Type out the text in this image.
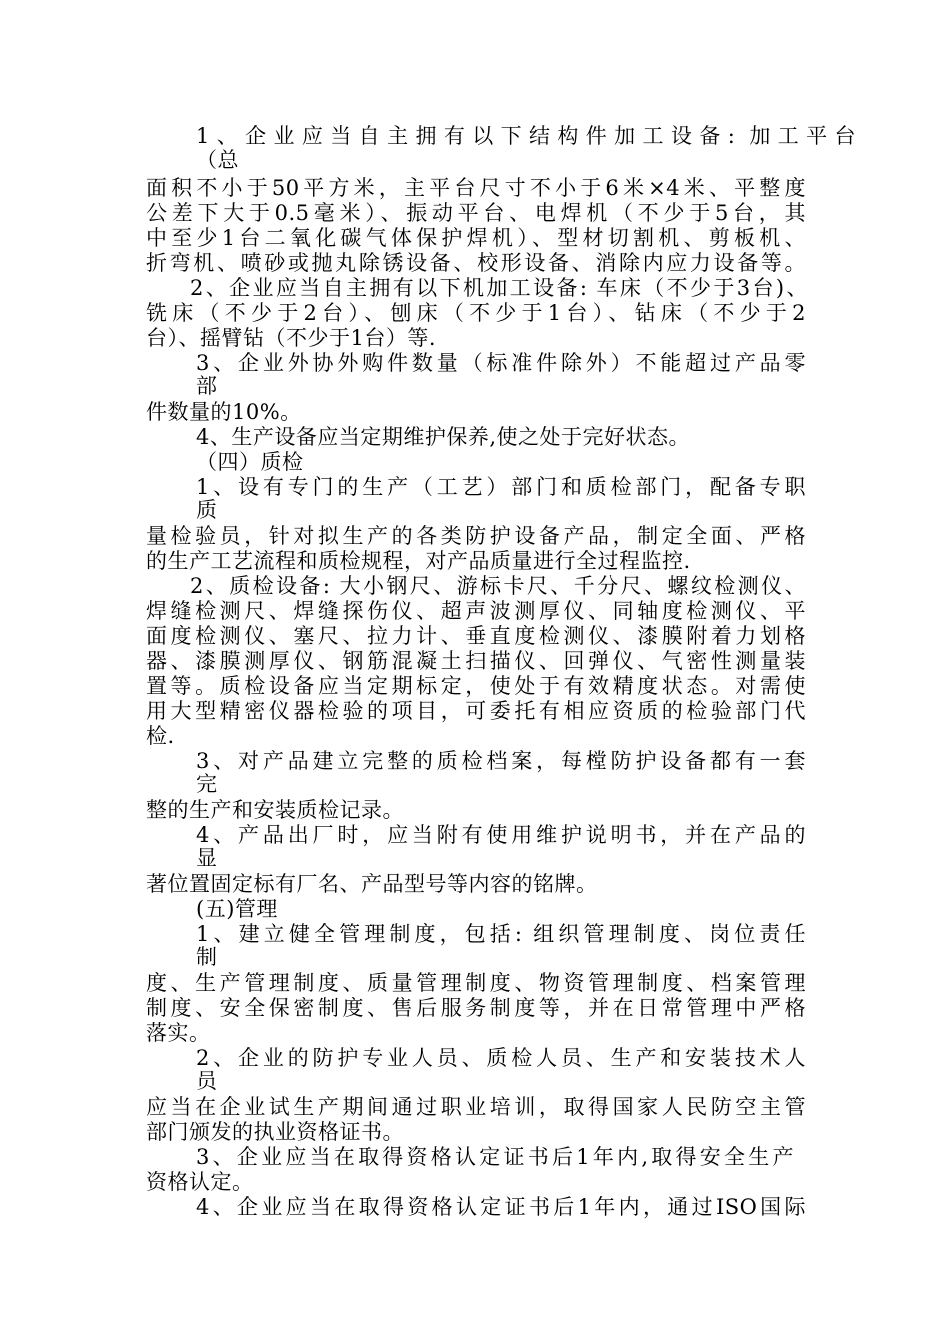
1、企业应当自主拥有以下结构件加工设备: 加工平台
（总
面积不小于50平方米，主平台尺寸不小于6米×4米、平整度
公差下大于0.5毫米）、振动平台、电焊机（不少于5台，其
中至少1台二氧化碳气体保护焊机）、型材切割机、剪板机、
折弯机、喷砂或抛丸除锈设备、校形设备、消除内应力设备等。
2、企业应当自主拥有以下机加工设备: 车床（不少于3台)、
铣床（不少于2台）、刨床（不少于1台）、钻床（不少于2
台）、摇臂钻（不少于1台）等.
3、企业外协外购件数量（标准件除外）不能超过产品零
部
件数量的10%。
4、生产设备应当定期维护保养,使之处于完好状态。
（四）质检
1、设有专门的生产（工艺）部门和质检部门，配备专职
质
量检验员，针对拟生产的各类防护设备产品，制定全面、严格
的生产工艺流程和质检规程，对产品质量进行全过程监控.
2、质检设备: 大小钢尺、游标卡尺、千分尺、螺纹检测仪、
焊缝检测尺、焊缝探伤仪、超声波测厚仪、同轴度检测仪、平
面度检测仪、塞尺、拉力计、垂直度检测仪、漆膜附着力划格
器、漆膜测厚仪、钢筋混凝土扫描仪、回弹仪、气密性测量装
置等。质检设备应当定期标定，使处于有效精度状态。对需使
用大型精密仪器检验的项目，可委托有相应资质的检验部门代
检.
3、对产品建立完整的质检档案，每樘防护设备都有一套
完
整的生产和安装质检记录。
4、产品出厂时，应当附有使用维护说明书，并在产品的
显
著位置固定标有厂名、产品型号等内容的铭牌。
(五)管理
1、建立健全管理制度，包括: 组织管理制度、岗位责任
制
度、生产管理制度、质量管理制度、物资管理制度、档案管理
制度、安全保密制度、售后服务制度等，并在日常管理中严格
落实。
2、企业的防护专业人员、质检人员、生产和安装技术人
员
应当在企业试生产期间通过职业培训，取得国家人民防空主管
部门颁发的执业资格证书。
3、企业应当在取得资格认定证书后1年内,取得安全生产
资格认定。
4、企业应当在取得资格认定证书后1年内，通过ISO国际
